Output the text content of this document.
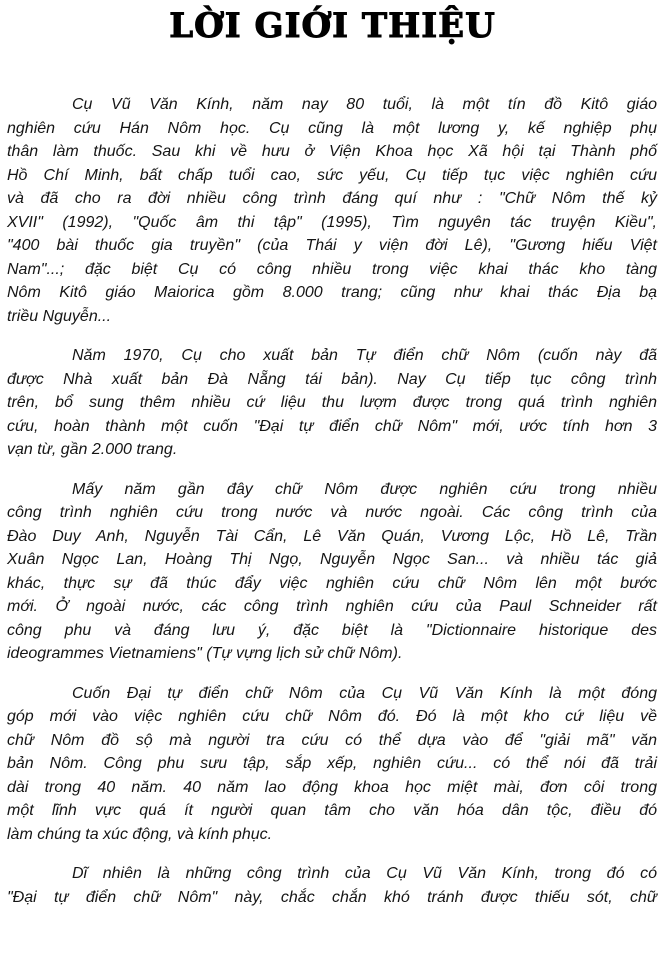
LỜI GIỚI THIỆU
Cụ Vũ Văn Kính, năm nay 80 tuổi, là một tín đồ Kitô giáo
nghiên cứu Hán Nôm học. Cụ cũng là một lương y, kế nghiệp phụ
thân làm thuốc. Sau khi về hưu ở Viện Khoa học Xã hội tại Thành phố
Hồ Chí Minh, bất chấp tuổi cao, sức yếu, Cụ tiếp tục việc nghiên cứu
và đã cho ra đời nhiều công trình đáng quí như : "Chữ Nôm thế kỷ
XVII" (1992), "Quốc âm thi tập" (1995), Tìm nguyên tác truyện Kiều",
"400 bài thuốc gia truyền" (của Thái y viện đời Lê), "Gương hiếu Việt
Nam"...; đặc biệt Cụ có công nhiều trong việc khai thác kho tàng
Nôm Kitô giáo Maiorica gồm 8.000 trang; cũng như khai thác Địa bạ
triều Nguyễn...
Năm 1970, Cụ cho xuất bản Tự điển chữ Nôm (cuốn này đã
được Nhà xuất bản Đà Nẵng tái bản). Nay Cụ tiếp tục công trình
trên, bổ sung thêm nhiều cứ liệu thu lượm được trong quá trình nghiên
cứu, hoàn thành một cuốn "Đại tự điển chữ Nôm" mới, ước tính hơn 3
vạn từ, gần 2.000 trang.
Mấy năm gần đây chữ Nôm được nghiên cứu trong nhiều
công trình nghiên cứu trong nước và nước ngoài. Các công trình của
Đào Duy Anh, Nguyễn Tài Cẩn, Lê Văn Quán, Vương Lộc, Hồ Lê, Trần
Xuân Ngọc Lan, Hoàng Thị Ngọ, Nguyễn Ngọc San... và nhiều tác giả
khác, thực sự đã thúc đẩy việc nghiên cứu chữ Nôm lên một bước
mới. Ở ngoài nước, các công trình nghiên cứu của Paul Schneider rất
công phu và đáng lưu ý, đặc biệt là "Dictionnaire historique des
ideogrammes Vietnamiens" (Tự vựng lịch sử chữ Nôm).
Cuốn Đại tự điển chữ Nôm của Cụ Vũ Văn Kính là một đóng
góp mới vào việc nghiên cứu chữ Nôm đó. Đó là một kho cứ liệu về
chữ Nôm đồ sộ mà người tra cứu có thể dựa vào để "giải mã" văn
bản Nôm. Công phu sưu tập, sắp xếp, nghiên cứu... có thể nói đã trải
dài trong 40 năm. 40 năm lao động khoa học miệt mài, đơn côi trong
một lĩnh vực quá ít người quan tâm cho văn hóa dân tộc, điều đó
làm chúng ta xúc động, và kính phục.
Dĩ nhiên là những công trình của Cụ Vũ Văn Kính, trong đó có
"Đại tự điển chữ Nôm" này, chắc chắn khó tránh được thiếu sót, chữ
